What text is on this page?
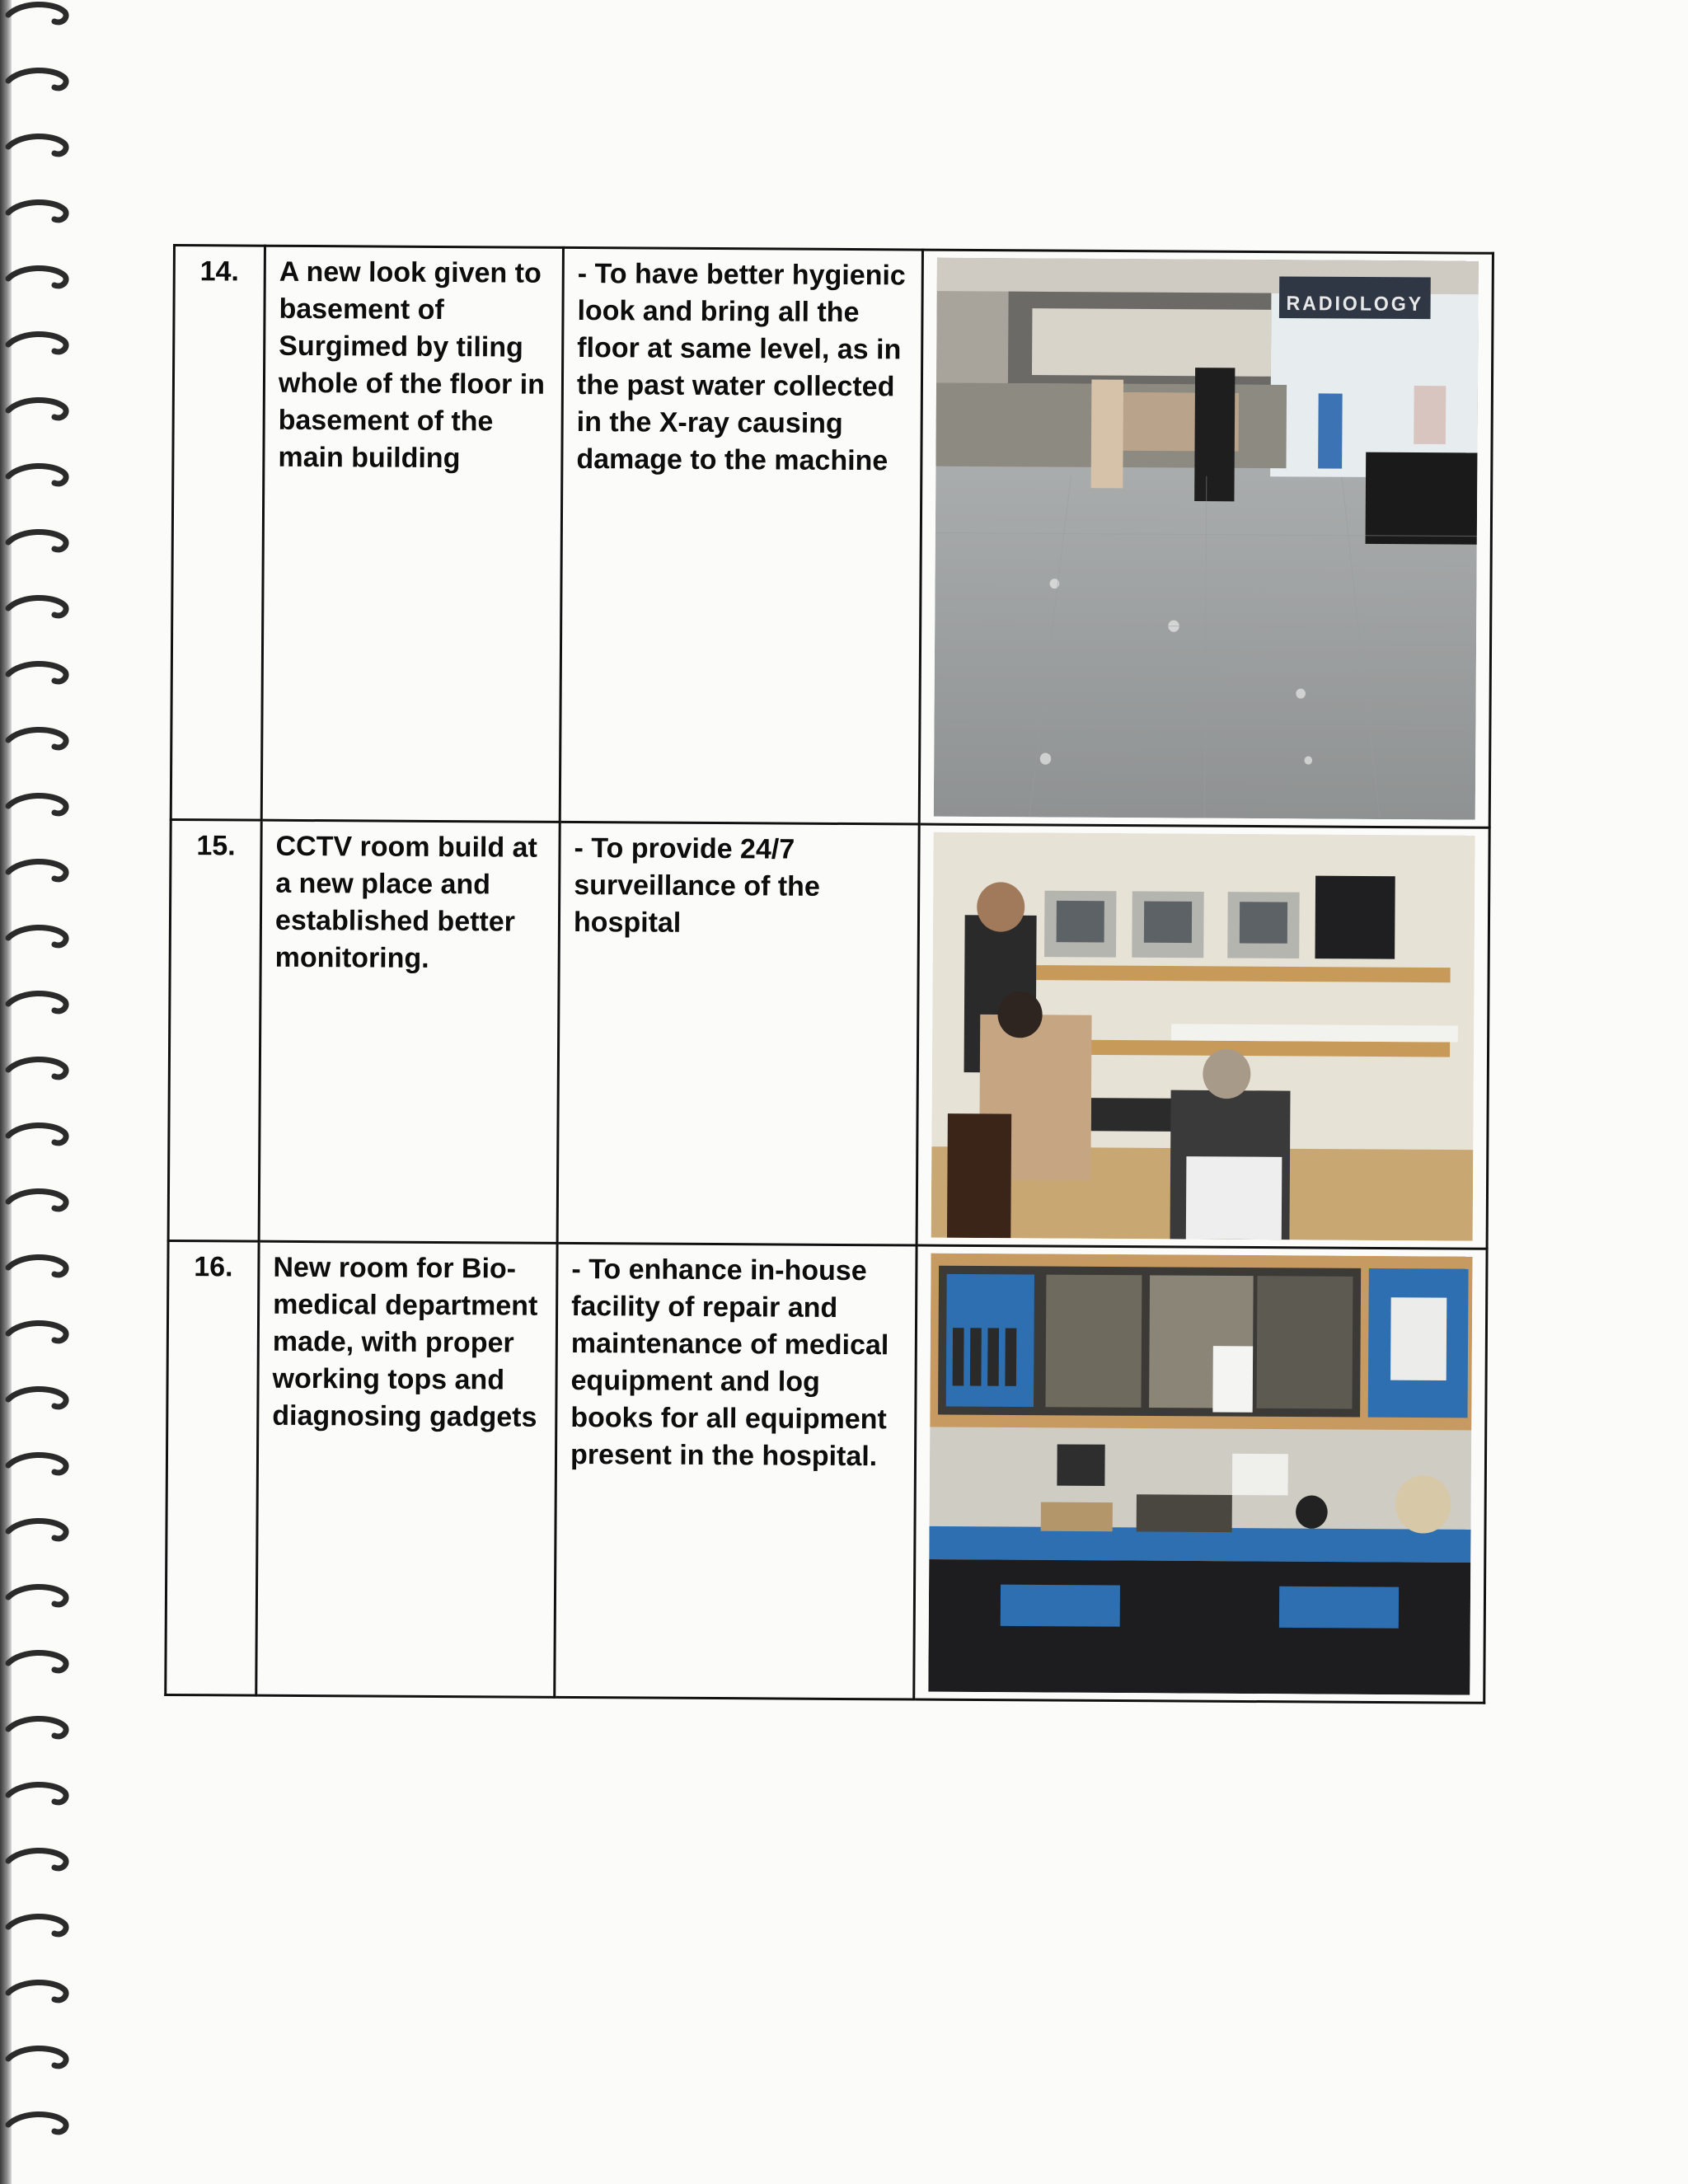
14.	A new look given to basement of Surgimed by tiling whole of the floor in basement of the main building	- To have better hygienic look and bring all the floor at same level, as in the past water collected in the X-ray causing damage to the machine	RADIOLOGY

15.	CCTV room build at a new place and established better monitoring.	- To provide 24/7 surveillance of the hospital	

16.	New room for Bio-medical department made, with proper working tops and diagnosing gadgets	- To enhance in-house facility of repair and maintenance of medical equipment and log books for all equipment present in the hospital.	
